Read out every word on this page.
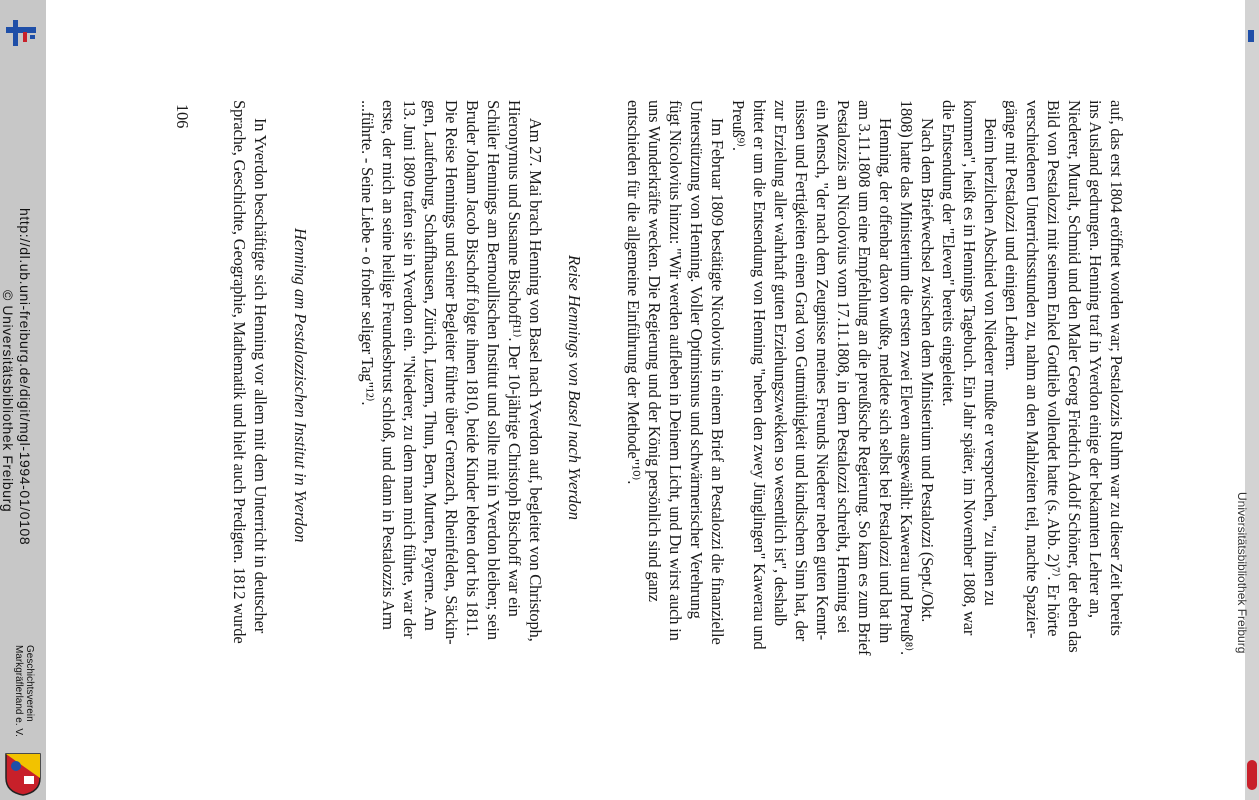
auf, das erst 1804 eröffnet worden war; Pestalozzis Ruhm war zu dieser Zeit bereits
ins Ausland gedrungen. Henning traf in Yverdon einige der bekannten Lehrer an,
Niederer, Muralt, Schmid und den Maler Georg Friedrich Adolf Schöner, der eben das
Bild von Pestalozzi mit seinem Enkel Gottlieb vollendet hatte (s. Abb. 2)⁷⁾. Er hörte
verschiedenen Unterrichtsstunden zu, nahm an den Mahlzeiten teil, machte Spazier-
gänge mit Pestalozzi und einigen Lehrern.
Beim herzlichen Abschied von Niederer mußte er versprechen, "zu ihnen zu
kommen", heißt es in Hennings Tagebuch. Ein Jahr später, im November 1808, war
die Entsendung der "Eleven" bereits eingeleitet.
Nach dem Briefwechsel zwischen dem Ministerium und Pestalozzi (Sept./Okt.
1808) hatte das Ministerium die ersten zwei Eleven ausgewählt: Kawerau und Preuß⁸⁾.
Henning, der offenbar davon wußte, meldete sich selbst bei Pestalozzi und bat ihn
am 3.11.1808 um eine Empfehlung an die preußische Regierung. So kam es zum Brief
Pestalozzis an Nicolovius vom 17.11.1808, in dem Pestalozzi schreibt, Henning sei
ein Mensch, "der nach dem Zeugnisse meines Freunds Niederer neben guten Kennt-
nissen und Fertigkeiten einen Grad von Gutmüthigkeit und kindischem Sinn hat, der
zur Erzielung aller wahrhaft guten Erziehungszwekken so wesentlich ist", deshalb
bittet er um die Entsendung von Henning "neben den zwey Jünglingen" Kawerau und
Preuß⁹⁾.
Im Februar 1809 bestätigte Nicolovius in einem Brief an Pestalozzi die finanzielle
Unterstützung von Henning. Voller Optimismus und schwärmerischer Verehrung
fügt Nicolovius hinzu: "Wir werden aufleben in Deinem Licht, und Du wirst auch in
uns Wunderkräfte wecken. Die Regierung und der König persönlich sind ganz
entschieden für die allgemeine Einführung der Methode"¹⁰⁾.
Reise Hennings von Basel nach Yverdon
Am 27. Mai brach Henning von Basel nach Yverdon auf, begleitet von Christoph,
Hieronymus und Susanne Bischoff¹¹⁾. Der 10-jährige Christoph Bischoff war ein
Schüler Hennings am Bernoullischen Institut und sollte mit in Yverdon bleiben; sein
Bruder Johann Jacob Bischoff folgte ihnen 1810, beide Kinder lebten dort bis 1811.
Die Reise Hennings und seiner Begleiter führte über Grenzach, Rheinfelden, Säckin-
gen, Laufenburg, Schaffhausen, Zürich, Luzern, Thun, Bern, Murten, Payerne. Am
13. Juni 1809 trafen sie in Yverdon ein. "Niederer, zu dem man mich führte, war der
erste, der mich an seine heilige Freundesbrust schloß, und dann in Pestalozzis Arm
...führte. - Seine Liebe - o froher seliger Tag"¹²⁾.
Henning am Pestalozzischen Institut in Yverdon
In Yverdon beschäftigte sich Henning vor allem mit dem Unterricht in deutscher
Sprache, Geschichte, Geographie, Mathematik und hielt auch Predigten. 1812 wurde
106
http://dl.ub.uni-freiburg.de/digit/mgl-1994-01/0108
© Universitätsbibliothek Freiburg
Geschichtsverein
Markgräflerland e. V.
Universitätsbibliothek Freiburg
